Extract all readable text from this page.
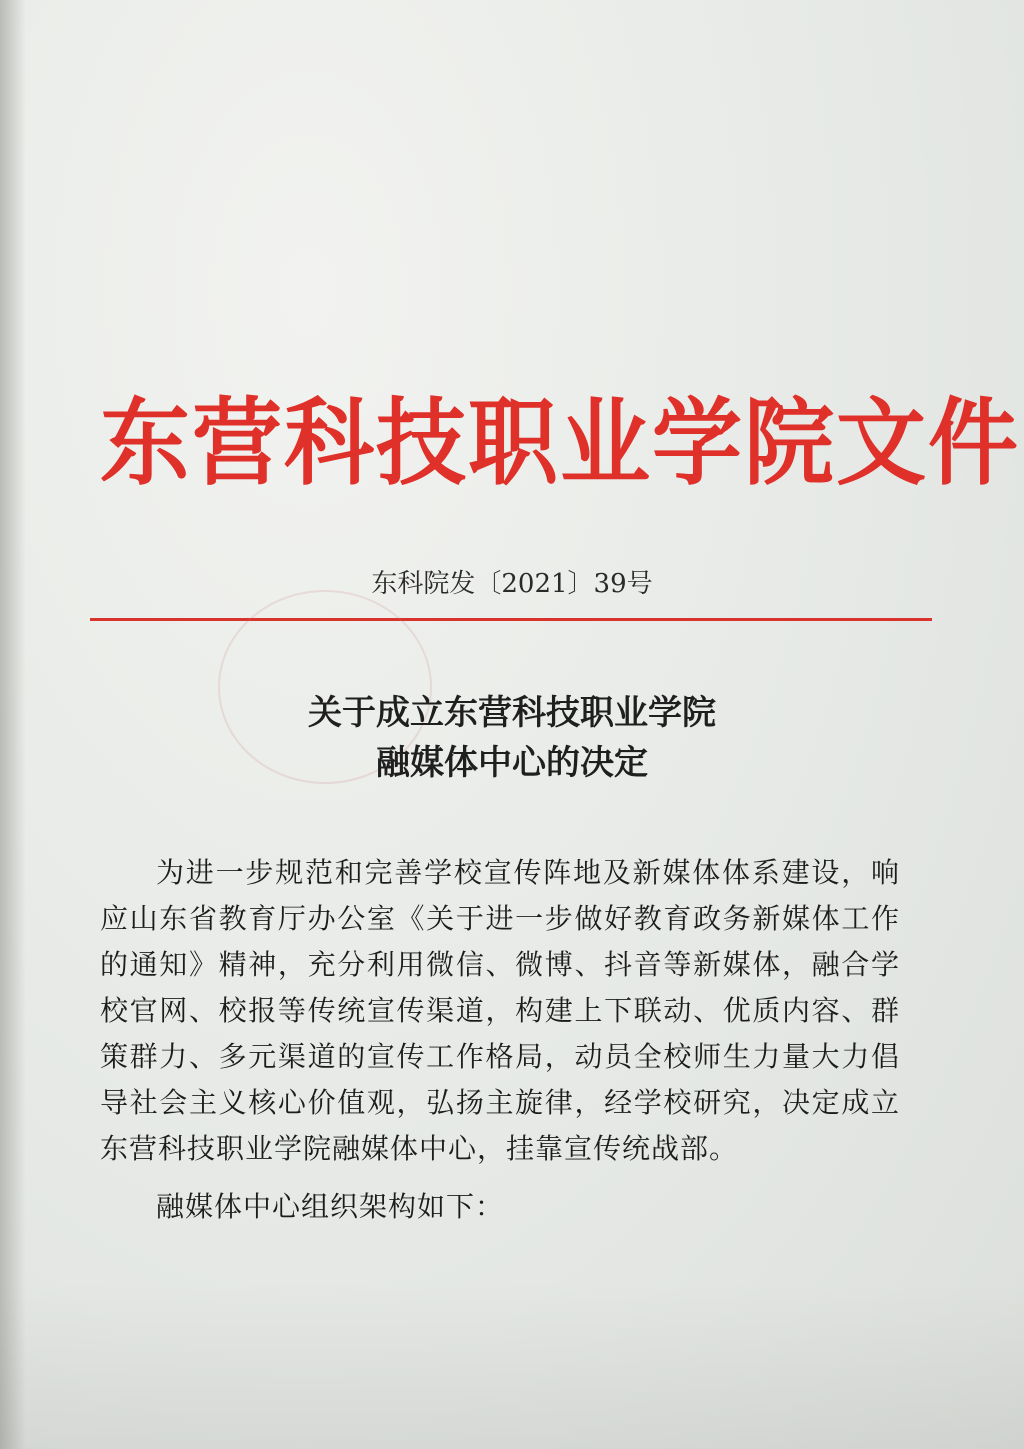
东营科技职业学院文件
东科院发〔2021〕39号
关于成立东营科技职业学院
融媒体中心的决定

为进一步规范和完善学校宣传阵地及新媒体体系建设，响应山东省教育厅办公室《关于进一步做好教育政务新媒体工作的通知》精神，充分利用微信、微博、抖音等新媒体，融合学校官网、校报等传统宣传渠道，构建上下联动、优质内容、群策群力、多元渠道的宣传工作格局，动员全校师生力量大力倡导社会主义核心价值观，弘扬主旋律，经学校研究，决定成立东营科技职业学院融媒体中心，挂靠宣传统战部。

融媒体中心组织架构如下：
